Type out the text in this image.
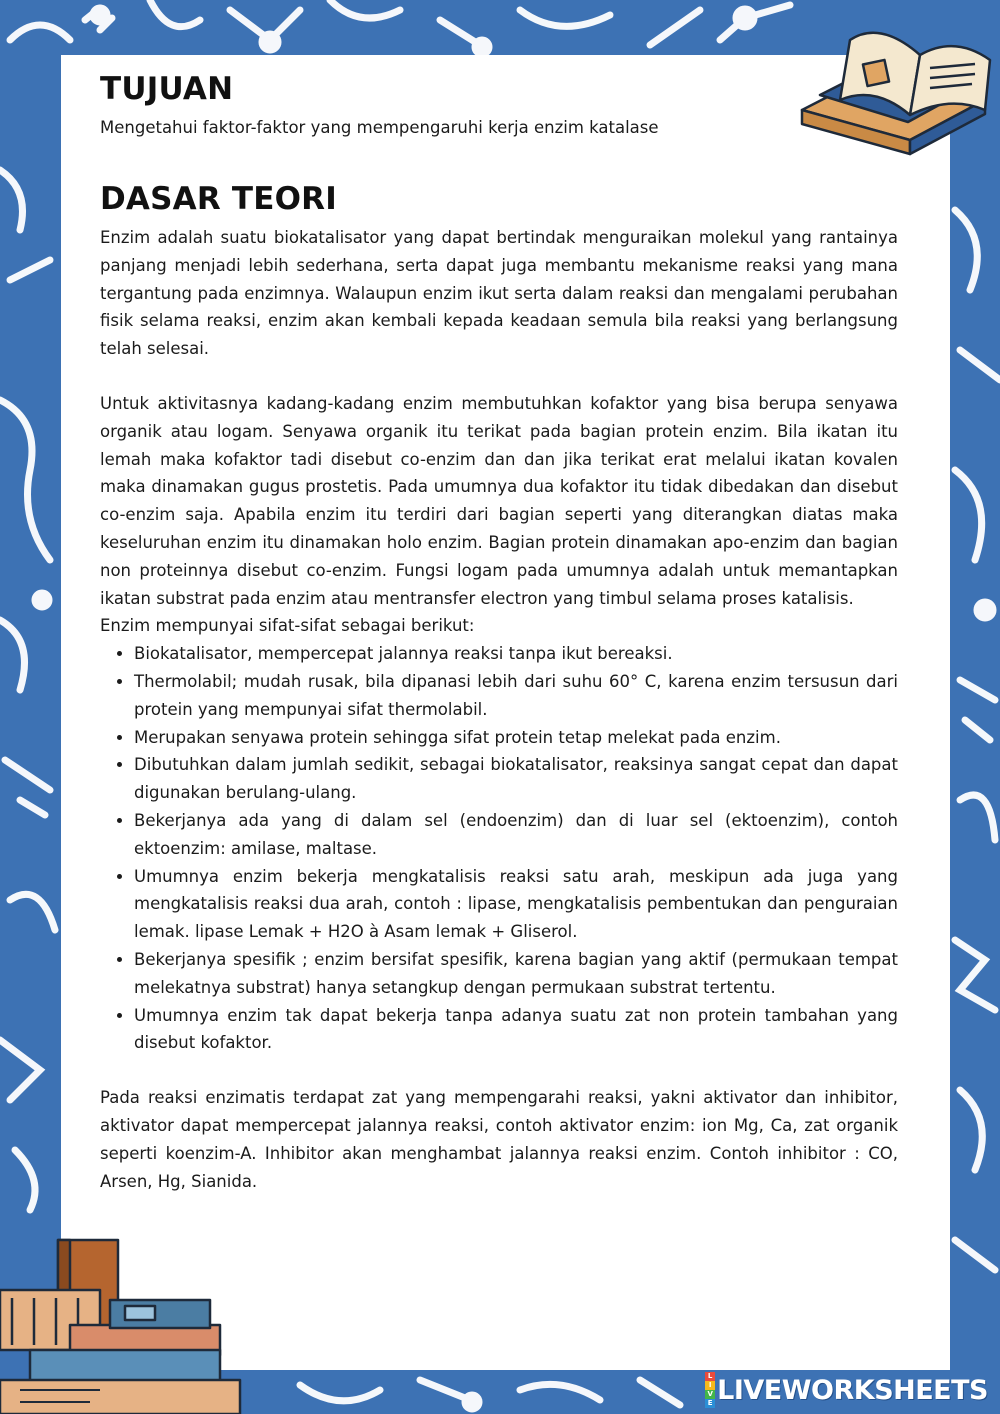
TUJUAN

Mengetahui faktor-faktor yang mempengaruhi kerja enzim katalase

DASAR TEORI

Enzim adalah suatu biokatalisator yang dapat bertindak menguraikan molekul yang rantainya panjang menjadi lebih sederhana, serta dapat juga membantu mekanisme reaksi yang mana tergantung pada enzimnya. Walaupun enzim ikut serta dalam reaksi dan mengalami perubahan fisik selama reaksi, enzim akan kembali kepada keadaan semula bila reaksi yang berlangsung telah selesai.

Untuk aktivitasnya kadang-kadang enzim membutuhkan kofaktor yang bisa berupa senyawa organik atau logam. Senyawa organik itu terikat pada bagian protein enzim. Bila ikatan itu lemah maka kofaktor tadi disebut co-enzim dan dan jika terikat erat melalui ikatan kovalen maka dinamakan gugus prostetis. Pada umumnya dua kofaktor itu tidak dibedakan dan disebut co-enzim saja. Apabila enzim itu terdiri dari bagian seperti yang diterangkan diatas maka keseluruhan enzim itu dinamakan holo enzim. Bagian protein dinamakan apo-enzim dan bagian non proteinnya disebut co-enzim. Fungsi logam pada umumnya adalah untuk memantapkan ikatan substrat pada enzim atau mentransfer electron yang timbul selama proses katalisis.

Enzim mempunyai sifat-sifat sebagai berikut:

• Biokatalisator, mempercepat jalannya reaksi tanpa ikut bereaksi.
• Thermolabil; mudah rusak, bila dipanasi lebih dari suhu 60° C, karena enzim tersusun dari protein yang mempunyai sifat thermolabil.
• Merupakan senyawa protein sehingga sifat protein tetap melekat pada enzim.
• Dibutuhkan dalam jumlah sedikit, sebagai biokatalisator, reaksinya sangat cepat dan dapat digunakan berulang-ulang.
• Bekerjanya ada yang di dalam sel (endoenzim) dan di luar sel (ektoenzim), contoh ektoenzim: amilase, maltase.
• Umumnya enzim bekerja mengkatalisis reaksi satu arah, meskipun ada juga yang mengkatalisis reaksi dua arah, contoh : lipase, mengkatalisis pembentukan dan penguraian lemak. lipase Lemak + H2O à Asam lemak + Gliserol.
• Bekerjanya spesifik ; enzim bersifat spesifik, karena bagian yang aktif (permukaan tempat melekatnya substrat) hanya setangkup dengan permukaan substrat tertentu.
• Umumnya enzim tak dapat bekerja tanpa adanya suatu zat non protein tambahan yang disebut kofaktor.

Pada reaksi enzimatis terdapat zat yang mempengarahi reaksi, yakni aktivator dan inhibitor, aktivator dapat mempercepat jalannya reaksi, contoh aktivator enzim: ion Mg, Ca, zat organik seperti koenzim-A. Inhibitor akan menghambat jalannya reaksi enzim. Contoh inhibitor : CO, Arsen, Hg, Sianida.

L
I
V
E LIVEWORKSHEETS
